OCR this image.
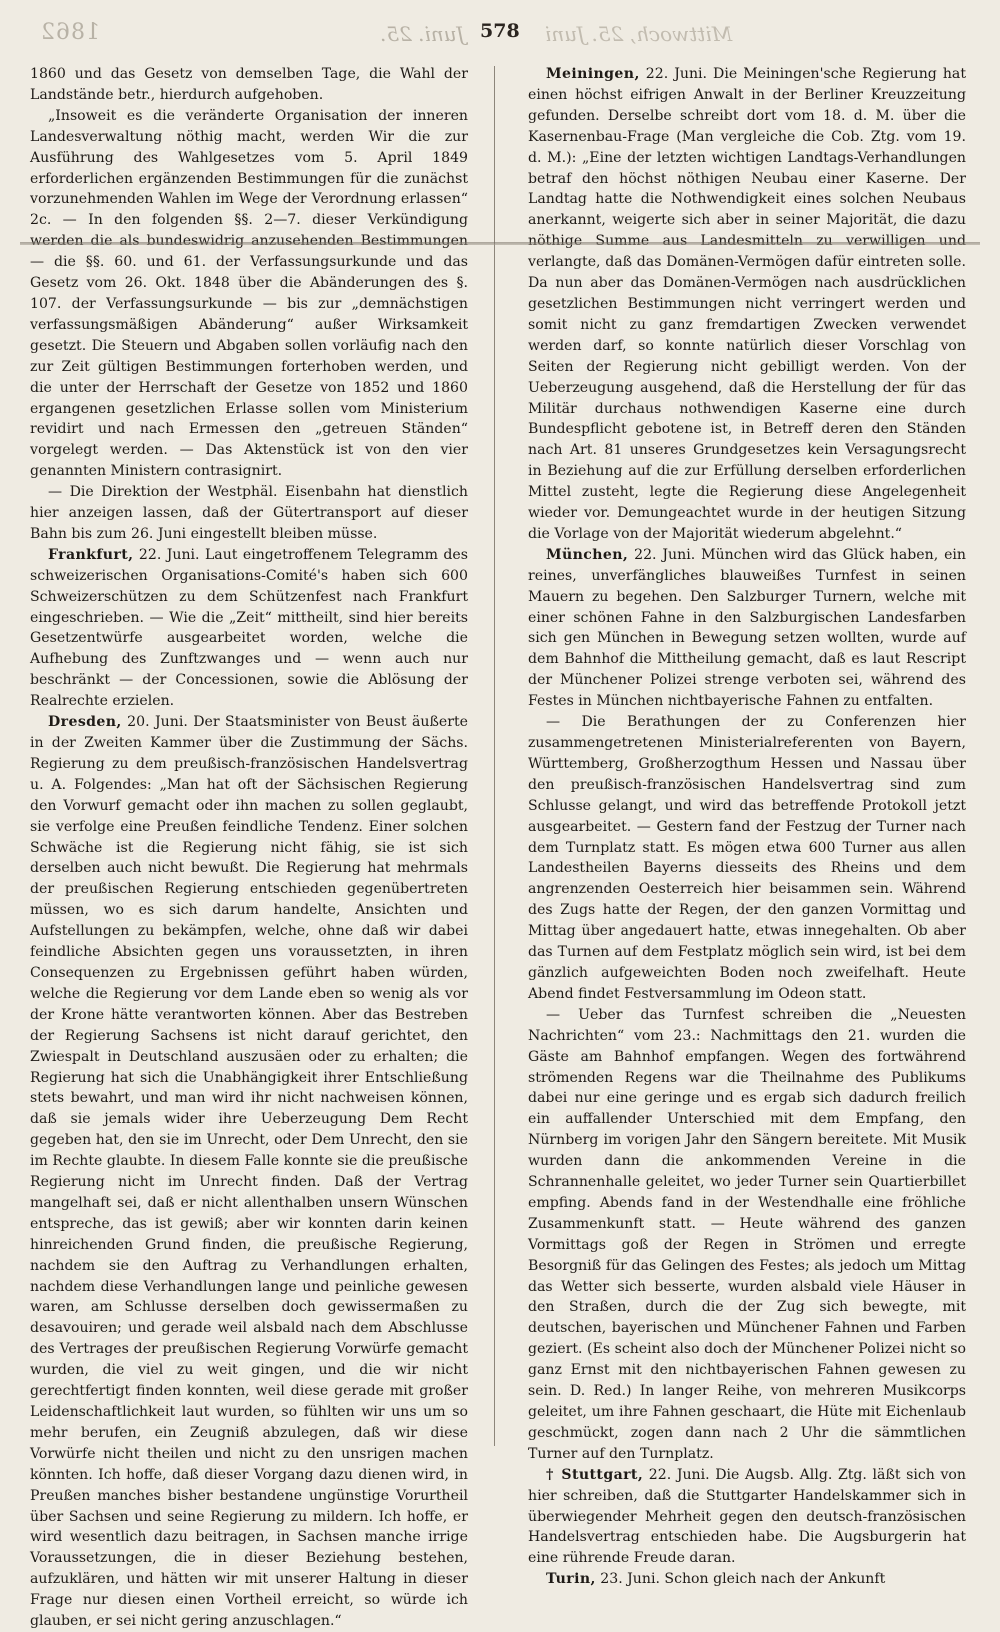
1862	Juni. 25. 578 Mittwoch, 25. Juni

1860 und das Gesetz von demselben Tage, die Wahl der Landstände betr., hierdurch aufgehoben.

„Insoweit es die veränderte Organisation der inneren Landesverwaltung nöthig macht, werden Wir die zur Ausführung des Wahlgesetzes vom 5. April 1849 erforderlichen ergänzenden Bestimmungen für die zunächst vorzunehmenden Wahlen im Wege der Verordnung erlassen“ 2c. — In den folgenden §§. 2—7. dieser Verkündigung — die §§. 60. und 61. der Verfassungsurkunde und das Gesetz vom 26. Okt. 1848 über die Abänderungen des §. 107. der Verfassungsurkunde — bis zur „demnächstigen verfassungsmäßigen Abänderung“ außer Wirksamkeit gesetzt. Die Steuern und Abgaben sollen vorläufig nach den zur Zeit gültigen Bestimmungen forterhoben werden, und die unter der Herrschaft der Gesetze von 1852 und 1860 ergangenen gesetzlichen Erlasse sollen vom Ministerium revidirt und nach Ermessen den „getreuen Ständen“ vorgelegt werden. — Das Aktenstück ist von den vier genannten Ministern contrasignirt.

— Die Direktion der Westphäl. Eisenbahn hat dienstlich hier anzeigen lassen, daß der Gütertransport auf dieser Bahn bis zum 26. Juni eingestellt bleiben müsse.

Frankfurt, 22. Juni. Laut eingetroffenem Telegramm des schweizerischen Organisations-Comité's haben sich 600 Schweizerschützen zu dem Schützenfest nach Frankfurt eingeschrieben. — Wie die „Zeit“ mittheilt, sind hier bereits Gesetzentwürfe ausgearbeitet worden, welche die Aufhebung des Zunftzwanges und — wenn auch nur beschränkt — der Concessionen, sowie die Ablösung der Realrechte erzielen.

Dresden, 20. Juni. Der Staatsminister von Beust äußerte in der Zweiten Kammer über die Zustimmung der Sächs. Regierung zu dem preußisch-französischen Handelsvertrag u. A. Folgendes: „Man hat oft der Sächsischen Regierung den Vorwurf gemacht oder ihn machen zu sollen geglaubt, sie verfolge eine Preußen feindliche Tendenz. Einer solchen Schwäche ist die Regierung nicht fähig, sie ist sich derselben auch nicht bewußt. Die Regierung hat mehrmals der preußischen Regierung entschieden gegenübertreten müssen, wo es sich darum handelte, Ansichten und Aufstellungen zu bekämpfen, welche, ohne daß wir dabei feindliche Absichten gegen uns voraussetzten, in ihren Consequenzen zu Ergebnissen geführt haben würden, welche die Regierung vor dem Lande eben so wenig als vor der Krone hätte verantworten können. Aber das Bestreben der Regierung Sachsens ist nicht darauf gerichtet, den Zwiespalt in Deutschland auszusäen oder zu erhalten; die Regierung hat sich die Unabhängigkeit ihrer Entschließung stets bewahrt, und man wird ihr nicht nachweisen können, daß sie jemals wider ihre Ueberzeugung Dem Recht gegeben hat, den sie im Unrecht, oder Dem Unrecht, den sie im Rechte glaubte. In diesem Falle konnte sie die preußische Regierung nicht im Unrecht finden. Daß der Vertrag mangelhaft sei, daß er nicht allenthalben unsern Wünschen entspreche, das ist gewiß; aber wir konnten darin keinen hinreichenden Grund finden, die preußische Regierung, nachdem sie den Auftrag zu Verhandlungen erhalten, nachdem diese Verhandlungen lange und peinliche gewesen waren, am Schlusse derselben doch gewissermaßen zu desavouiren; und gerade weil alsbald nach dem Abschlusse des Vertrages der preußischen Regierung Vorwürfe gemacht wurden, die viel zu weit gingen, und die wir nicht gerechtfertigt finden konnten, weil diese gerade mit großer Leidenschaftlichkeit laut wurden, so fühlten wir uns um so mehr berufen, ein Zeugniß abzulegen, daß wir diese Vorwürfe nicht theilen und nicht zu den unsrigen machen könnten. Ich hoffe, daß dieser Vorgang dazu dienen wird, in Preußen manches bisher bestandene ungünstige Vorurtheil über Sachsen und seine Regierung zu mildern. Ich hoffe, er wird wesentlich dazu beitragen, in Sachsen manche irrige Voraussetzungen, die in dieser Beziehung bestehen, aufzuklären, und hätten wir mit unserer Haltung in dieser Frage nur diesen einen Vortheil erreicht, so würde ich glauben, er sei nicht gering anzuschlagen.“

Meiningen, 22. Juni. Die Meiningen'sche Regierung hat einen höchst eifrigen Anwalt in der Berliner Kreuzzeitung gefunden. Derselbe schreibt dort vom 18. d. M. über die Kasernenbau-Frage (Man vergleiche die Cob. Ztg. vom 19. d. M.): „Eine der letzten wichtigen Landtags-Verhandlungen betraf den höchst nöthigen Neubau einer Kaserne. Der Landtag hatte die Nothwendigkeit eines solchen Neubaus anerkannt, weigerte sich aber in seiner Majorität, die dazu verlangte, daß das Domänen-Vermögen dafür eintreten solle. Da nun aber das Domänen-Vermögen nach ausdrücklichen gesetzlichen Bestimmungen nicht verringert werden und somit nicht zu ganz fremdartigen Zwecken verwendet werden darf, so konnte natürlich dieser Vorschlag von Seiten der Regierung nicht gebilligt werden. Von der Ueberzeugung ausgehend, daß die Herstellung der für das Militär durchaus nothwendigen Kaserne eine durch Bundespflicht gebotene ist, in Betreff deren den Ständen nach Art. 81 unseres Grundgesetzes kein Versagungsrecht in Beziehung auf die zur Erfüllung derselben erforderlichen Mittel zusteht, legte die Regierung diese Angelegenheit wieder vor. Demungeachtet wurde in der heutigen Sitzung die Vorlage von der Majorität wiederum abgelehnt.“

München, 22. Juni. München wird das Glück haben, ein reines, unverfängliches blauweißes Turnfest in seinen Mauern zu begehen. Den Salzburger Turnern, welche mit einer schönen Fahne in den Salzburgischen Landesfarben sich gen München in Bewegung setzen wollten, wurde auf dem Bahnhof die Mittheilung gemacht, daß es laut Rescript der Münchener Polizei strenge verboten sei, während des Festes in München nichtbayerische Fahnen zu entfalten.

— Die Berathungen der zu Conferenzen hier zusammengetretenen Ministerialreferenten von Bayern, Württemberg, Großherzogthum Hessen und Nassau über den preußisch-französischen Handelsvertrag sind zum Schlusse gelangt, und wird das betreffende Protokoll jetzt ausgearbeitet. — Gestern fand der Festzug der Turner nach dem Turnplatz statt. Es mögen etwa 600 Turner aus allen Landestheilen Bayerns diesseits des Rheins und dem angrenzenden Oesterreich hier beisammen sein. Während des Zugs hatte der Regen, der den ganzen Vormittag und Mittag über angedauert hatte, etwas innegehalten. Ob aber das Turnen auf dem Festplatz möglich sein wird, ist bei dem gänzlich aufgeweichten Boden noch zweifelhaft. Heute Abend findet Festversammlung im Odeon statt.

— Ueber das Turnfest schreiben die „Neuesten Nachrichten“ vom 23.: Nachmittags den 21. wurden die Gäste am Bahnhof empfangen. Wegen des fortwährend strömenden Regens war die Theilnahme des Publikums dabei nur eine geringe und es ergab sich dadurch freilich ein auffallender Unterschied mit dem Empfang, den Nürnberg im vorigen Jahr den Sängern bereitete. Mit Musik wurden dann die ankommenden Vereine in die Schrannenhalle geleitet, wo jeder Turner sein Quartierbillet empfing. Abends fand in der Westendhalle eine fröhliche Zusammenkunft statt. — Heute während des ganzen Vormittags goß der Regen in Strömen und erregte Besorgniß für das Gelingen des Festes; als jedoch um Mittag das Wetter sich besserte, wurden alsbald viele Häuser in den Straßen, durch die der Zug sich bewegte, mit deutschen, bayerischen und Münchener Fahnen und Farben geziert. (Es scheint also doch der Münchener Polizei nicht so ganz Ernst mit den nichtbayerischen Fahnen gewesen zu sein. D. Red.) In langer Reihe, von mehreren Musikcorps geleitet, um ihre Fahnen geschaart, die Hüte mit Eichenlaub geschmückt, zogen dann nach 2 Uhr die sämmtlichen Turner auf den Turnplatz.

† Stuttgart, 22. Juni. Die Augsb. Allg. Ztg. läßt sich von hier schreiben, daß die Stuttgarter Handelskammer sich in überwiegender Mehrheit gegen den deutsch-französischen Handelsvertrag entschieden habe. Die Augsburgerin hat eine rührende Freude daran.

Turin, 23. Juni. Schon gleich nach der Ankunft
